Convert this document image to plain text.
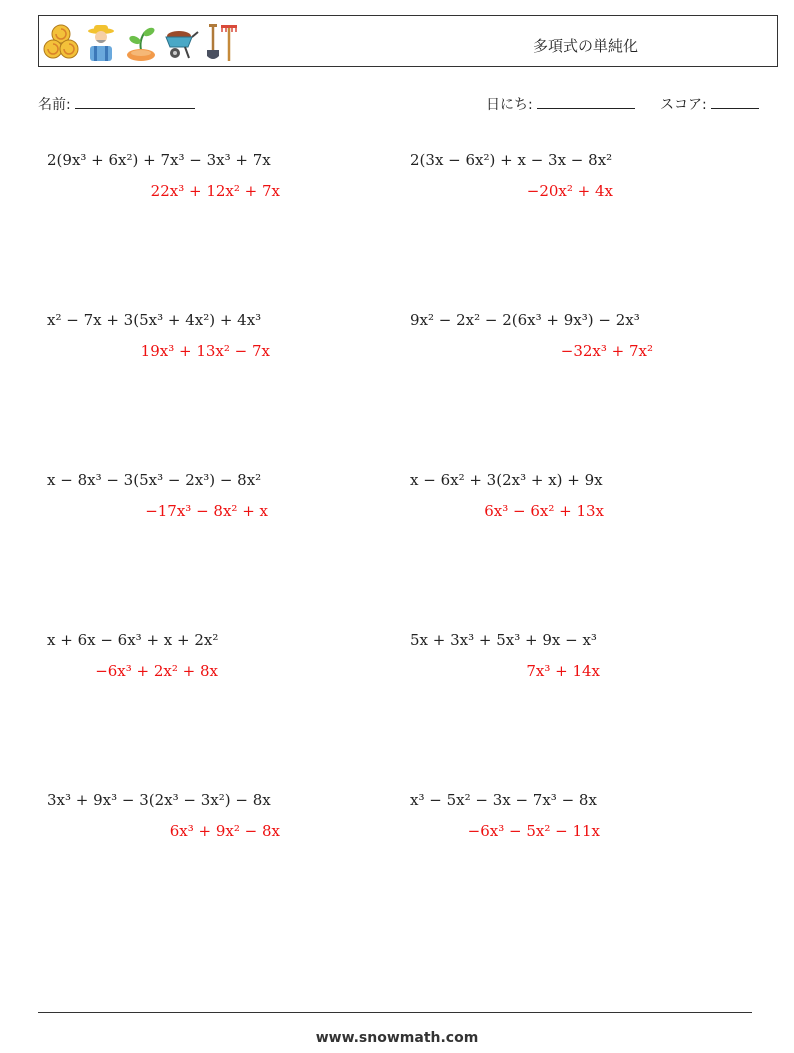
多項式の単純化
名前:	日にち:	スコア:
2(9x³ + 6x²) + 7x³ − 3x³ + 7x
22x³ + 12x² + 7x
2(3x − 6x²) + x − 3x − 8x²
−20x² + 4x
x² − 7x + 3(5x³ + 4x²) + 4x³
19x³ + 13x² − 7x
9x² − 2x² − 2(6x³ + 9x³) − 2x³
−32x³ + 7x²
x − 8x³ − 3(5x³ − 2x³) − 8x²
−17x³ − 8x² + x
x − 6x² + 3(2x³ + x) + 9x
6x³ − 6x² + 13x
x + 6x − 6x³ + x + 2x²
−6x³ + 2x² + 8x
5x + 3x³ + 5x³ + 9x − x³
7x³ + 14x
3x³ + 9x³ − 3(2x³ − 3x²) − 8x
6x³ + 9x² − 8x
x³ − 5x² − 3x − 7x³ − 8x
−6x³ − 5x² − 11x
www.snowmath.com
